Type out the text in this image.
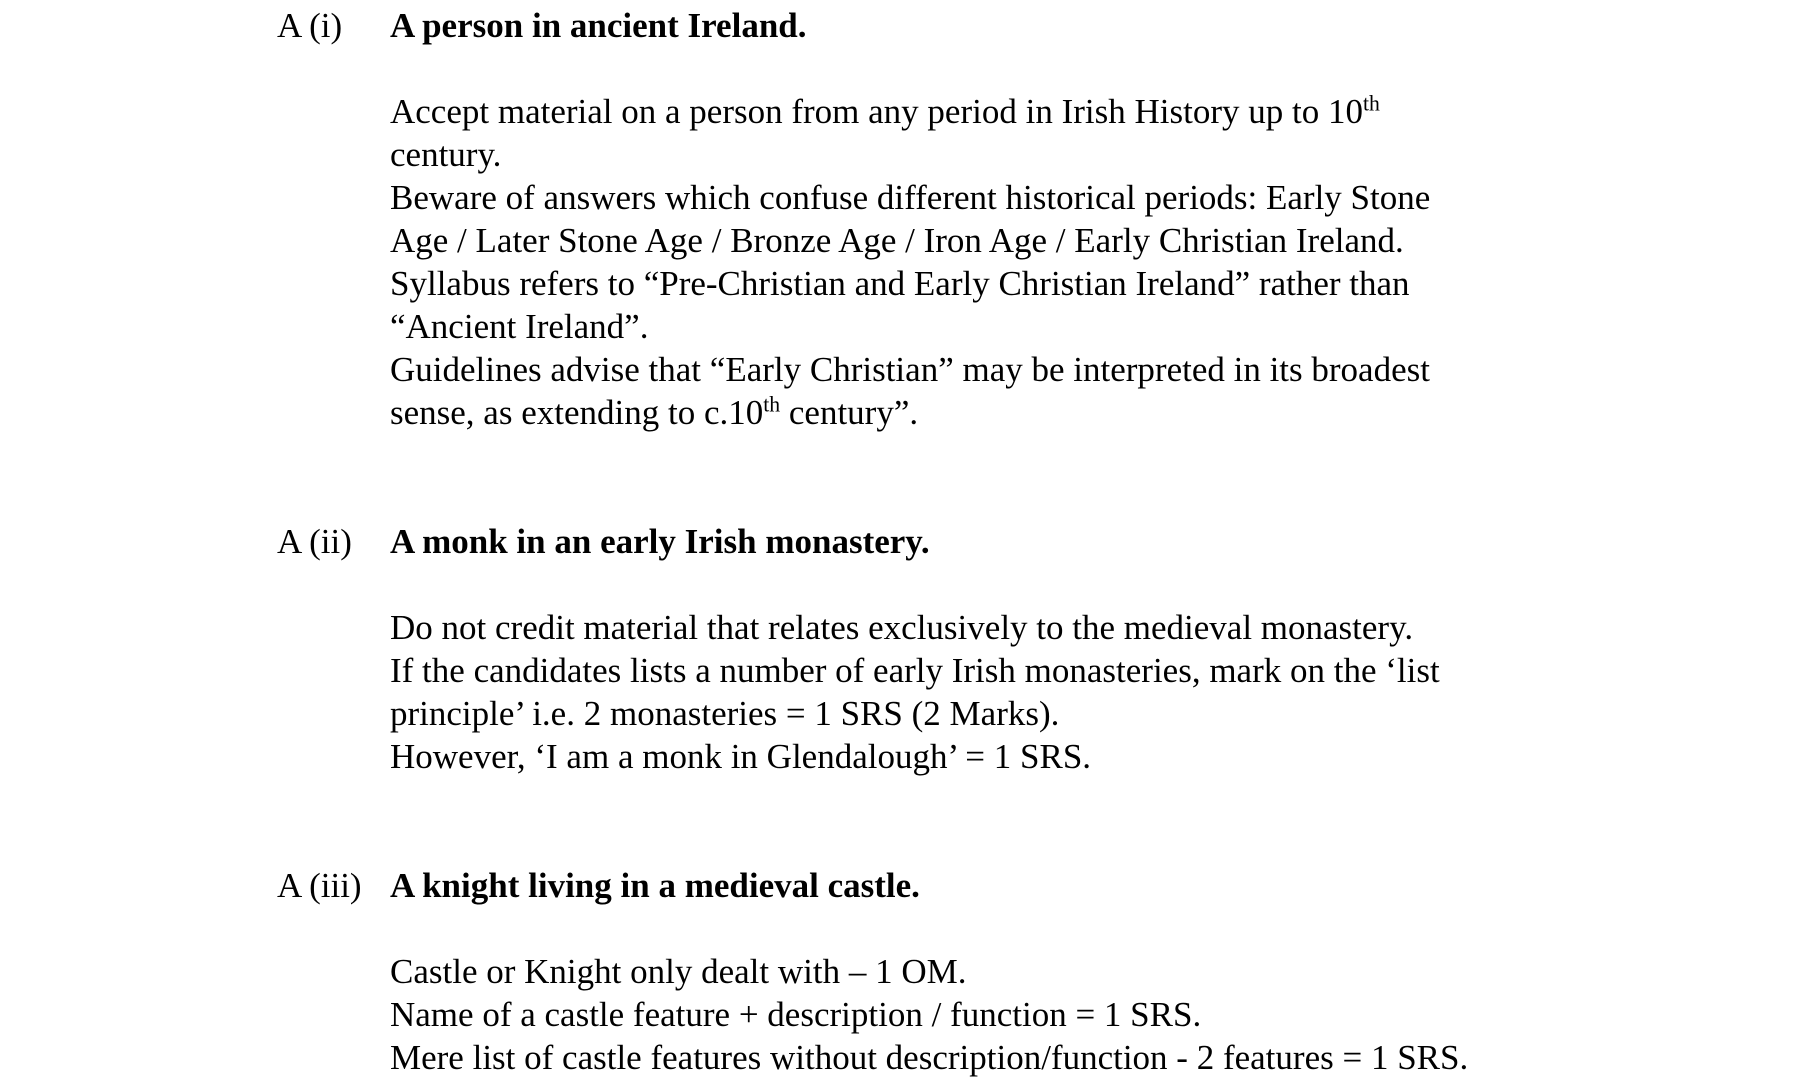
A (i)	A person in ancient Ireland.
Accept material on a person from any period in Irish History up to 10th
century.
Beware of answers which confuse different historical periods: Early Stone
Age / Later Stone Age / Bronze Age / Iron Age / Early Christian Ireland.
Syllabus refers to “Pre-Christian and Early Christian Ireland” rather than
“Ancient Ireland”.
Guidelines advise that “Early Christian” may be interpreted in its broadest
sense, as extending to c.10th century”.
A (ii)	A monk in an early Irish monastery.
Do not credit material that relates exclusively to the medieval monastery.
If the candidates lists a number of early Irish monasteries, mark on the ‘list
principle’ i.e. 2 monasteries = 1 SRS (2 Marks).
However, ‘I am a monk in Glendalough’ = 1 SRS.
A (iii) A knight living in a medieval castle.
Castle or Knight only dealt with – 1 OM.
Name of a castle feature + description / function = 1 SRS.
Mere list of castle features without description/function - 2 features = 1 SRS.
